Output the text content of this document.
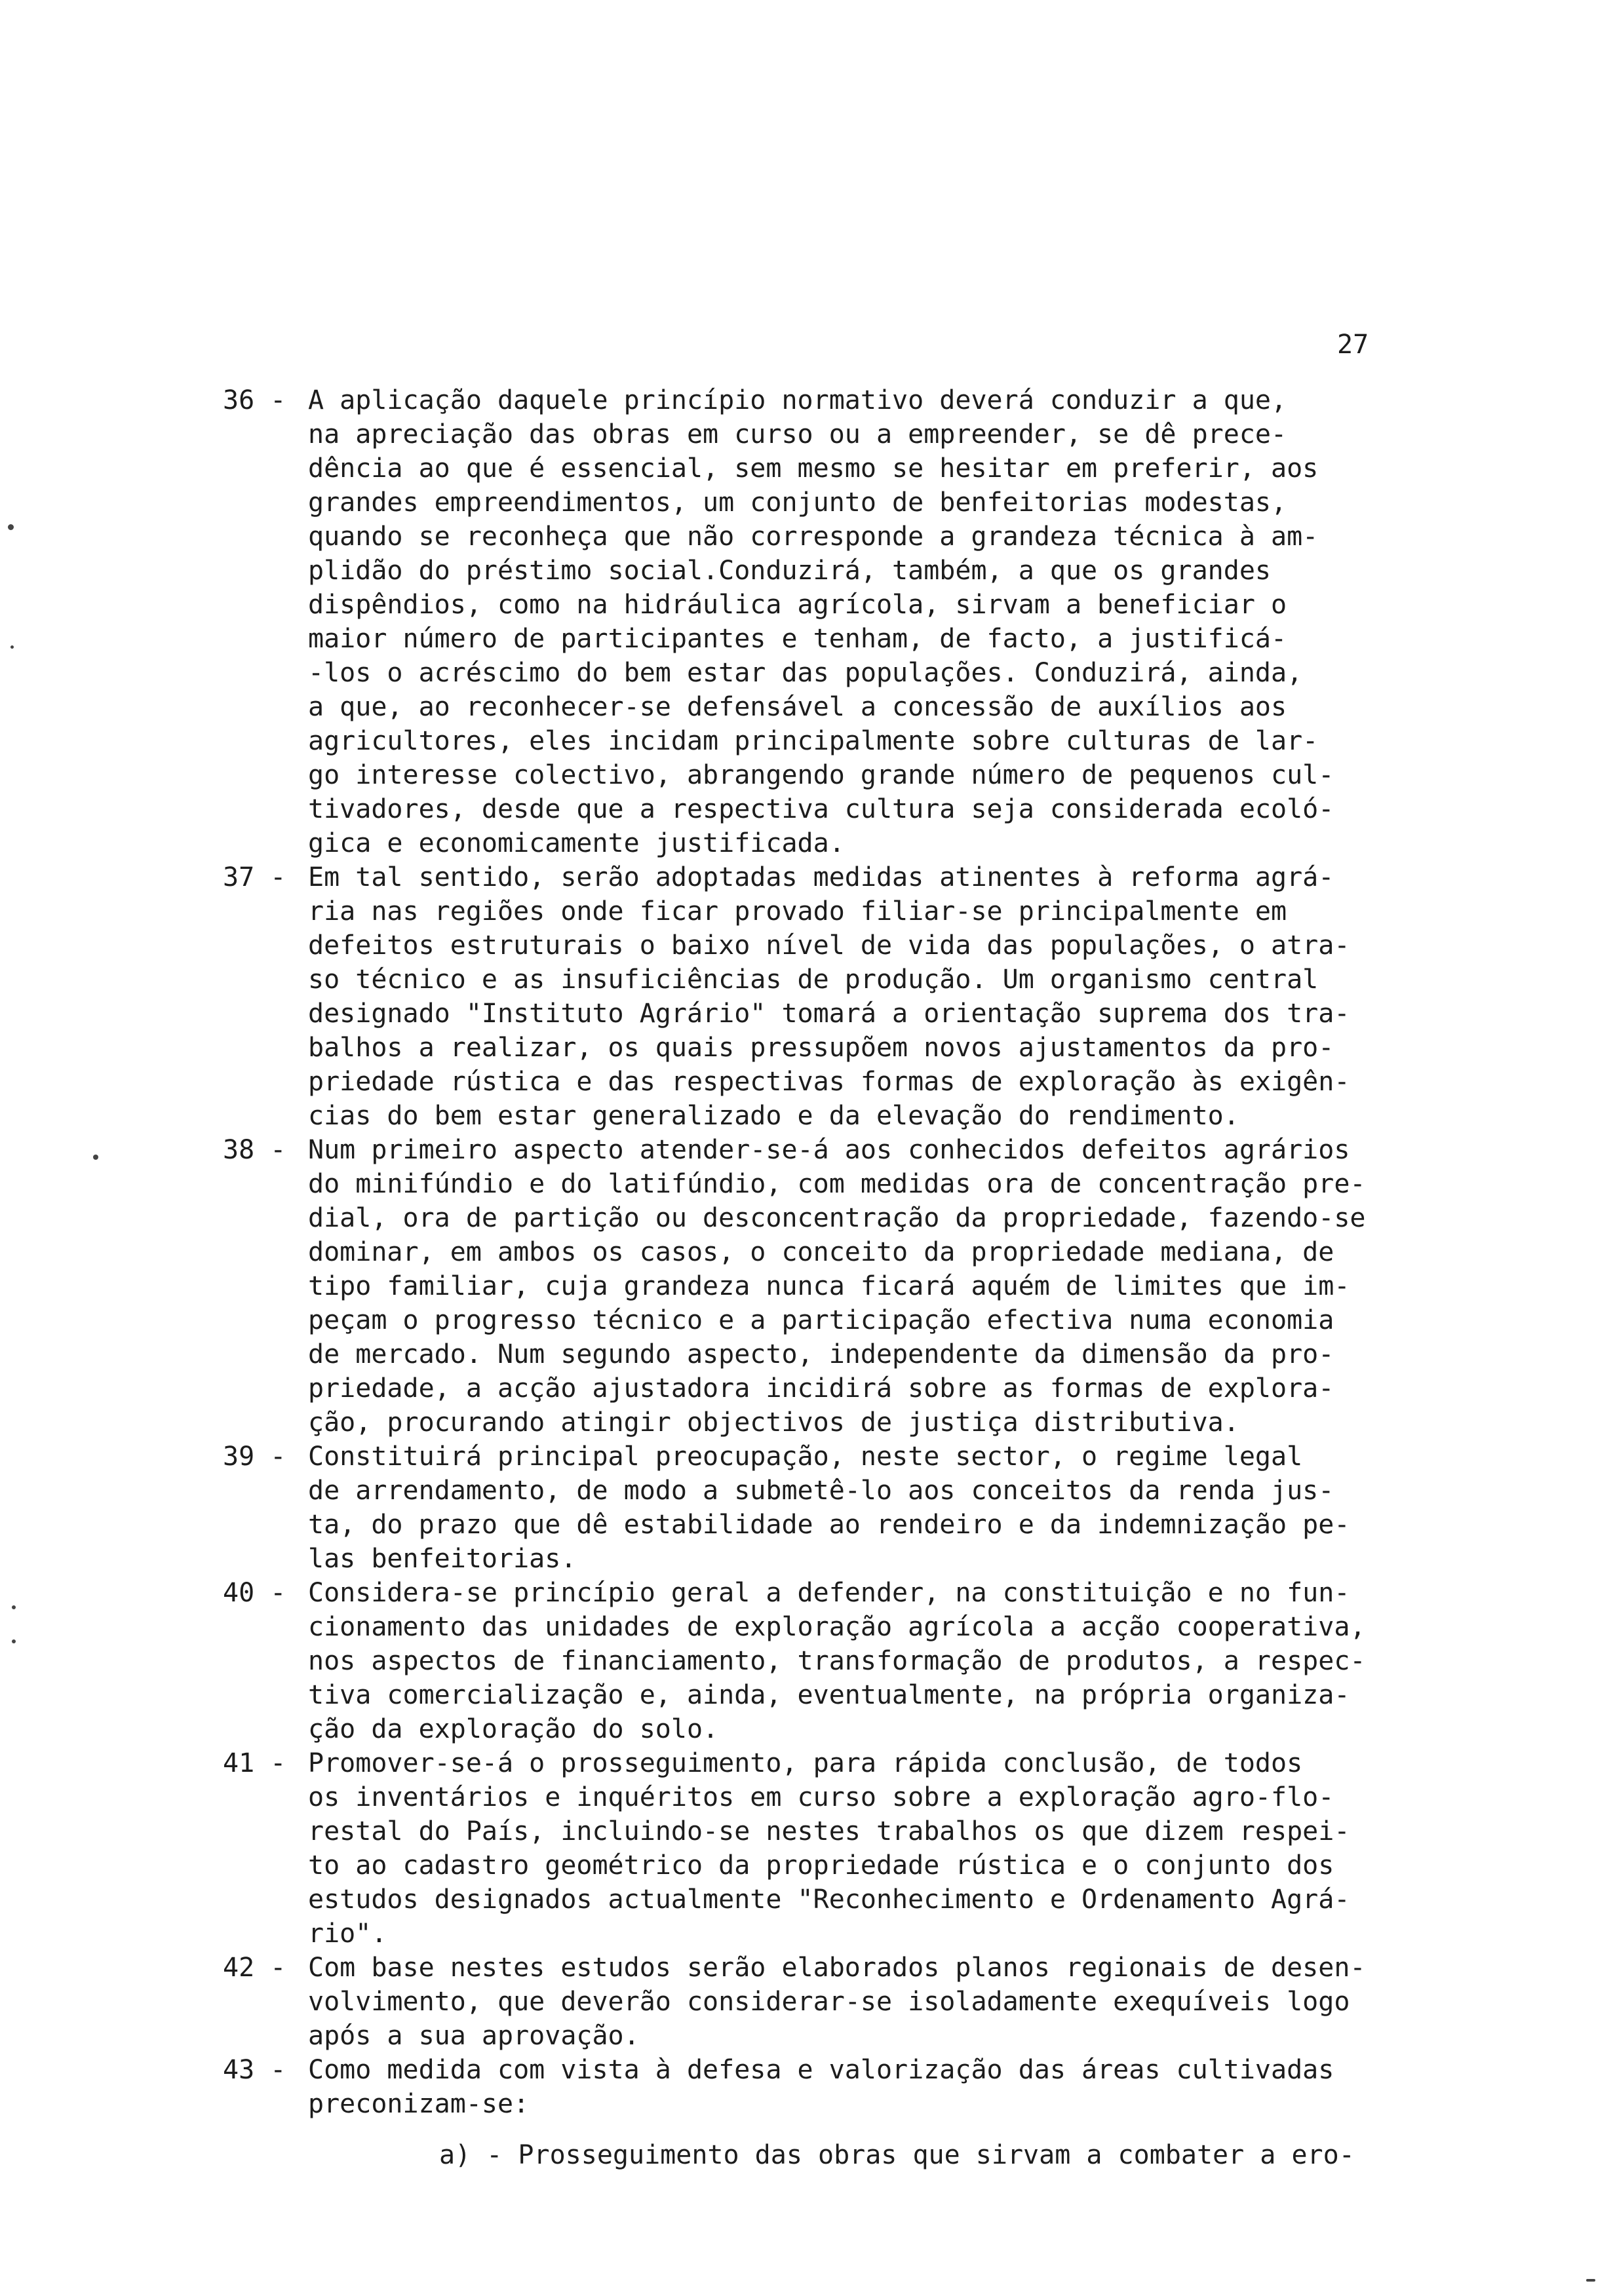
27
36 - A aplicação daquele princípio normativo deverá conduzir a que,
na apreciação das obras em curso ou a empreender, se dê prece-
dência ao que é essencial, sem mesmo se hesitar em preferir, aos
grandes empreendimentos, um conjunto de benfeitorias modestas,
quando se reconheça que não corresponde a grandeza técnica à am-
plidão do préstimo social.Conduzirá, também, a que os grandes
dispêndios, como na hidráulica agrícola, sirvam a beneficiar o
maior número de participantes e tenham, de facto, a justificá-
-los o acréscimo do bem estar das populações. Conduzirá, ainda,
a que, ao reconhecer-se defensável a concessão de auxílios aos
agricultores, eles incidam principalmente sobre culturas de lar-
go interesse colectivo, abrangendo grande número de pequenos cul-
tivadores, desde que a respectiva cultura seja considerada ecoló-
gica e economicamente justificada.
37 - Em tal sentido, serão adoptadas medidas atinentes à reforma agrá-
ria nas regiões onde ficar provado filiar-se principalmente em
defeitos estruturais o baixo nível de vida das populações, o atra-
so técnico e as insuficiências de produção. Um organismo central
designado "Instituto Agrário" tomará a orientação suprema dos tra-
balhos a realizar, os quais pressupõem novos ajustamentos da pro-
priedade rústica e das respectivas formas de exploração às exigên-
cias do bem estar generalizado e da elevação do rendimento.
38 - Num primeiro aspecto atender-se-á aos conhecidos defeitos agrários
do minifúndio e do latifúndio, com medidas ora de concentração pre-
dial, ora de partição ou desconcentração da propriedade, fazendo-se
dominar, em ambos os casos, o conceito da propriedade mediana, de
tipo familiar, cuja grandeza nunca ficará aquém de limites que im-
peçam o progresso técnico e a participação efectiva numa economia
de mercado. Num segundo aspecto, independente da dimensão da pro-
priedade, a acção ajustadora incidirá sobre as formas de explora-
ção, procurando atingir objectivos de justiça distributiva.
39 - Constituirá principal preocupação, neste sector, o regime legal
de arrendamento, de modo a submetê-lo aos conceitos da renda jus-
ta, do prazo que dê estabilidade ao rendeiro e da indemnização pe-
las benfeitorias.
40 - Considera-se princípio geral a defender, na constituição e no fun-
cionamento das unidades de exploração agrícola a acção cooperativa,
nos aspectos de financiamento, transformação de produtos, a respec-
tiva comercialização e, ainda, eventualmente, na própria organiza-
ção da exploração do solo.
41 - Promover-se-á o prosseguimento, para rápida conclusão, de todos
os inventários e inquéritos em curso sobre a exploração agro-flo-
restal do País, incluindo-se nestes trabalhos os que dizem respei-
to ao cadastro geométrico da propriedade rústica e o conjunto dos
estudos designados actualmente "Reconhecimento e Ordenamento Agrá-
rio".
42 - Com base nestes estudos serão elaborados planos regionais de desen-
volvimento, que deverão considerar-se isoladamente exequíveis logo
após a sua aprovação.
43 - Como medida com vista à defesa e valorização das áreas cultivadas
preconizam-se:
a) - Prosseguimento das obras que sirvam a combater a ero-
